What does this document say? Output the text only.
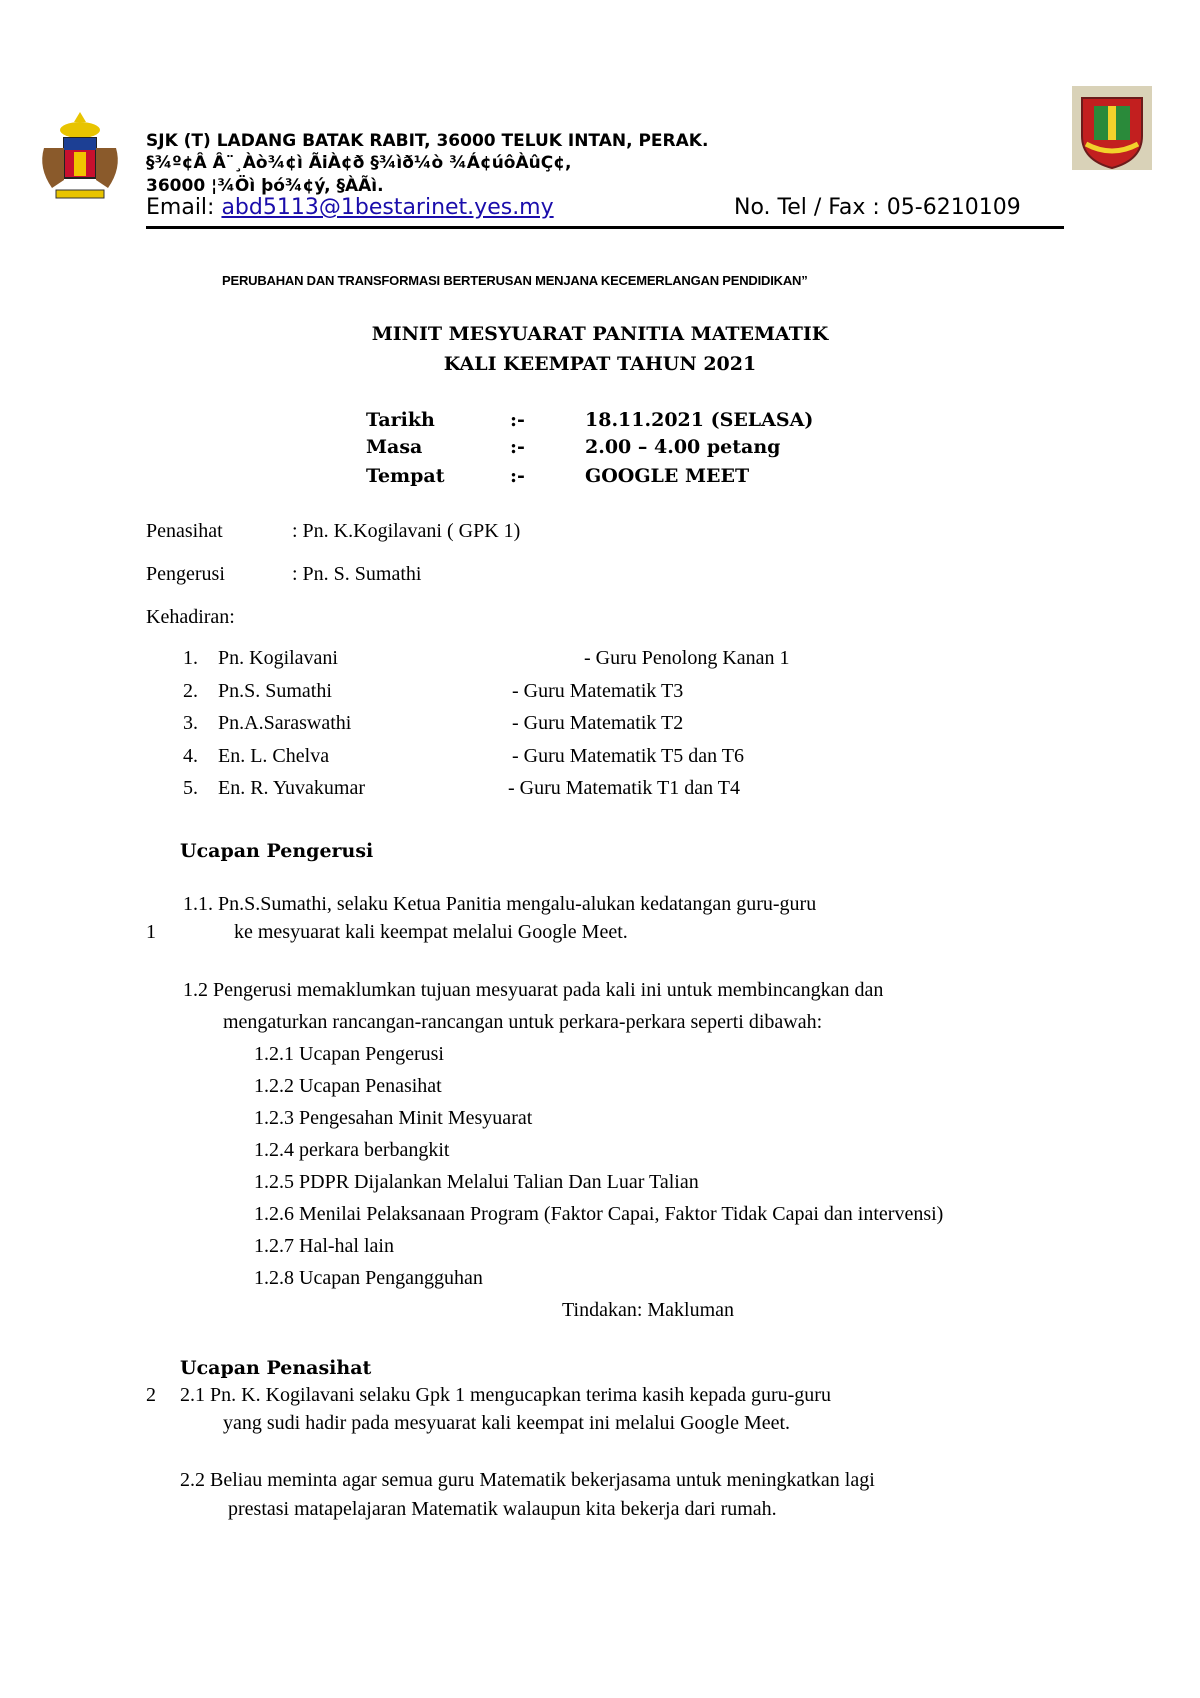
SJK (T) LADANG BATAK RABIT, 36000 TELUK INTAN, PERAK.
§¾º¢Â Â¨¸Àò¾¢ì ÃiÀ¢ð §¾ìð¼ò ¾Á¢úôÀûÇ¢,
36000 ¦¾Öì þó¾¢ý, §ÀÃì.
Email: abd5113@1bestarinet.yes.my	No. Tel / Fax : 05-6210109
PERUBAHAN DAN TRANSFORMASI BERTERUSAN MENJANA KECEMERLANGAN PENDIDIKAN”
MINIT MESYUARAT PANITIA MATEMATIK
KALI KEEMPAT TAHUN 2021
Tarikh	:-	18.11.2021 (SELASA)
Masa	:-	2.00 – 4.00 petang
Tempat	:-	GOOGLE MEET
Penasihat	: Pn. K.Kogilavani ( GPK 1)
Pengerusi	: Pn. S. Sumathi
Kehadiran:
1. Pn. Kogilavani	- Guru Penolong Kanan 1
2. Pn.S. Sumathi	- Guru Matematik T3
3. Pn.A.Saraswathi	- Guru Matematik T2
4. En. L. Chelva	- Guru Matematik T5 dan T6
5. En. R. Yuvakumar	- Guru Matematik T1 dan T4
Ucapan Pengerusi
1.1. Pn.S.Sumathi, selaku Ketua Panitia mengalu-alukan kedatangan guru-guru
1	ke mesyuarat kali keempat melalui Google Meet.
1.2 Pengerusi memaklumkan tujuan mesyuarat pada kali ini untuk membincangkan dan
mengaturkan rancangan-rancangan untuk perkara-perkara seperti dibawah:
1.2.1 Ucapan Pengerusi
1.2.2 Ucapan Penasihat
1.2.3 Pengesahan Minit Mesyuarat
1.2.4 perkara berbangkit
1.2.5 PDPR Dijalankan Melalui Talian Dan Luar Talian
1.2.6 Menilai Pelaksanaan Program (Faktor Capai, Faktor Tidak Capai dan intervensi)
1.2.7 Hal-hal lain
1.2.8 Ucapan Pengangguhan
Tindakan: Makluman
Ucapan Penasihat
2 2.1 Pn. K. Kogilavani selaku Gpk 1 mengucapkan terima kasih kepada guru-guru
yang sudi hadir pada mesyuarat kali keempat ini melalui Google Meet.
2.2 Beliau meminta agar semua guru Matematik bekerjasama untuk meningkatkan lagi
prestasi matapelajaran Matematik walaupun kita bekerja dari rumah.
